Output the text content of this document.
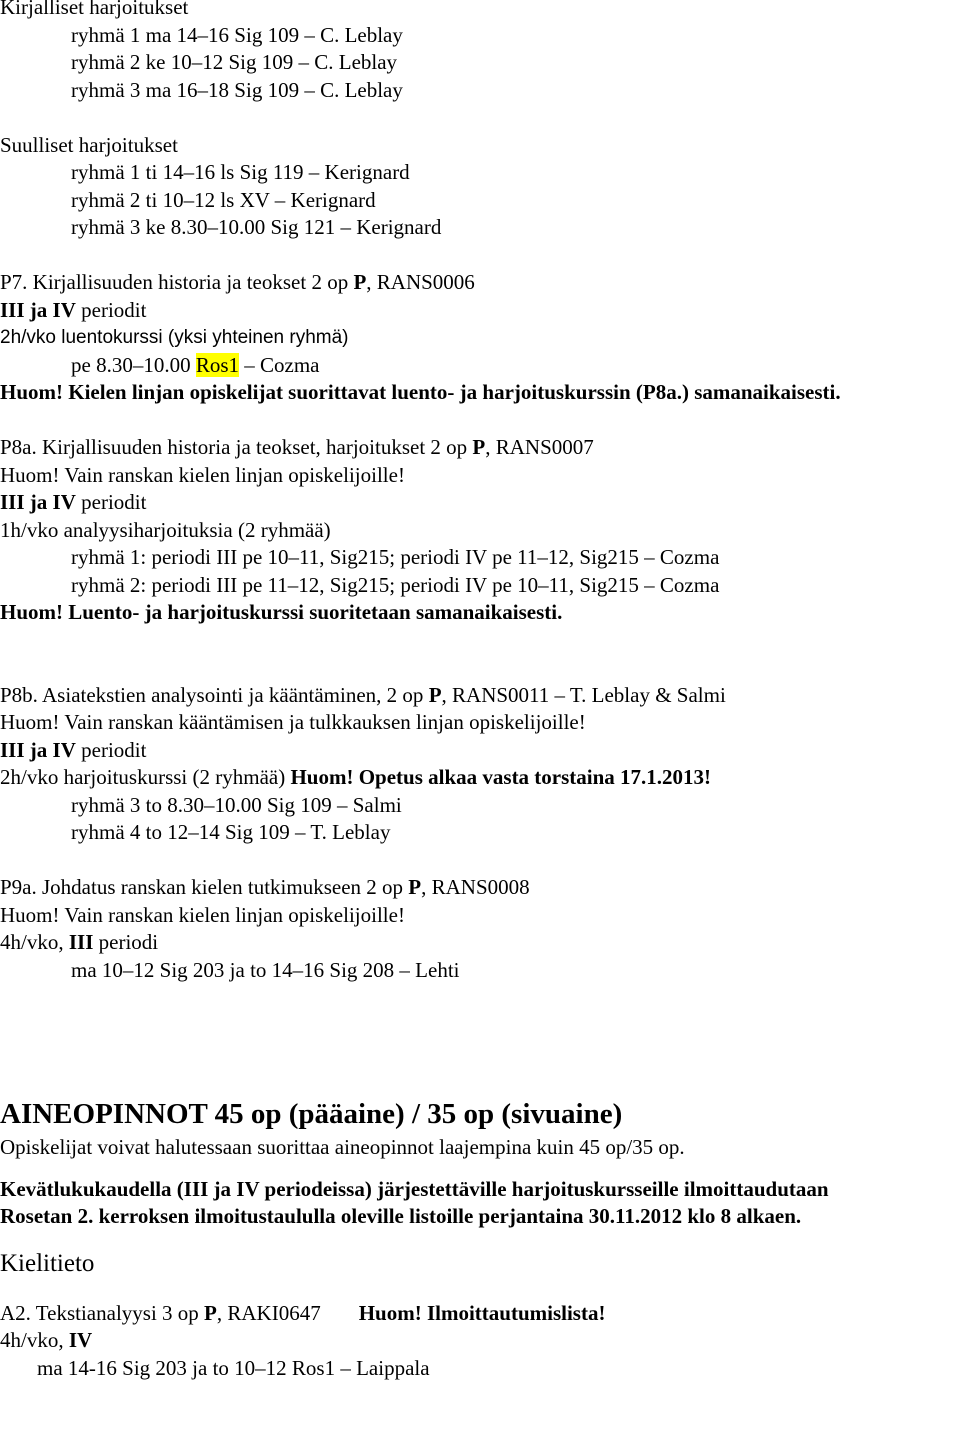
Kirjalliset harjoitukset
ryhmä 1 ma 14–16 Sig 109 – C. Leblay
ryhmä 2 ke 10–12 Sig 109 – C. Leblay
ryhmä 3 ma 16–18 Sig 109 – C. Leblay
Suulliset harjoitukset
ryhmä 1 ti 14–16 ls Sig 119 – Kerignard
ryhmä 2 ti 10–12 ls XV – Kerignard
ryhmä 3 ke 8.30–10.00 Sig 121 – Kerignard
P7. Kirjallisuuden historia ja teokset 2 op P, RANS0006
III ja IV periodit
2h/vko luentokurssi (yksi yhteinen ryhmä)
pe 8.30–10.00 Ros1 – Cozma
Huom! Kielen linjan opiskelijat suorittavat luento- ja harjoituskurssin (P8a.) samanaikaisesti.
P8a. Kirjallisuuden historia ja teokset, harjoitukset 2 op P, RANS0007
Huom! Vain ranskan kielen linjan opiskelijoille!
III ja IV periodit
1h/vko analyysiharjoituksia (2 ryhmää)
ryhmä 1: periodi III pe 10–11, Sig215; periodi IV pe 11–12, Sig215 – Cozma
ryhmä 2: periodi III pe 11–12, Sig215; periodi IV pe 10–11, Sig215 – Cozma
Huom! Luento- ja harjoituskurssi suoritetaan samanaikaisesti.
P8b. Asiatekstien analysointi ja kääntäminen, 2 op P, RANS0011 – T. Leblay & Salmi
Huom! Vain ranskan kääntämisen ja tulkkauksen linjan opiskelijoille!
III ja IV periodit
2h/vko harjoituskurssi (2 ryhmää) Huom! Opetus alkaa vasta torstaina 17.1.2013!
ryhmä 3 to 8.30–10.00 Sig 109 – Salmi
ryhmä 4 to 12–14 Sig 109 – T. Leblay
P9a. Johdatus ranskan kielen tutkimukseen 2 op P, RANS0008
Huom! Vain ranskan kielen linjan opiskelijoille!
4h/vko, III periodi
ma 10–12 Sig 203 ja to 14–16 Sig 208 – Lehti
AINEOPINNOT 45 op (pääaine) / 35 op (sivuaine)
Opiskelijat voivat halutessaan suorittaa aineopinnot laajempina kuin 45 op/35 op.
Kevätlukukaudella (III ja IV periodeissa) järjestettäville harjoituskursseille ilmoittaudutaan
Rosetan 2. kerroksen ilmoitustaululla oleville listoille perjantaina 30.11.2012 klo 8 alkaen.
Kielitieto
A2. Tekstianalyysi 3 op P, RAKI0647 Huom! Ilmoittautumislista!
4h/vko, IV
ma 14-16 Sig 203 ja to 10–12 Ros1 – Laippala
